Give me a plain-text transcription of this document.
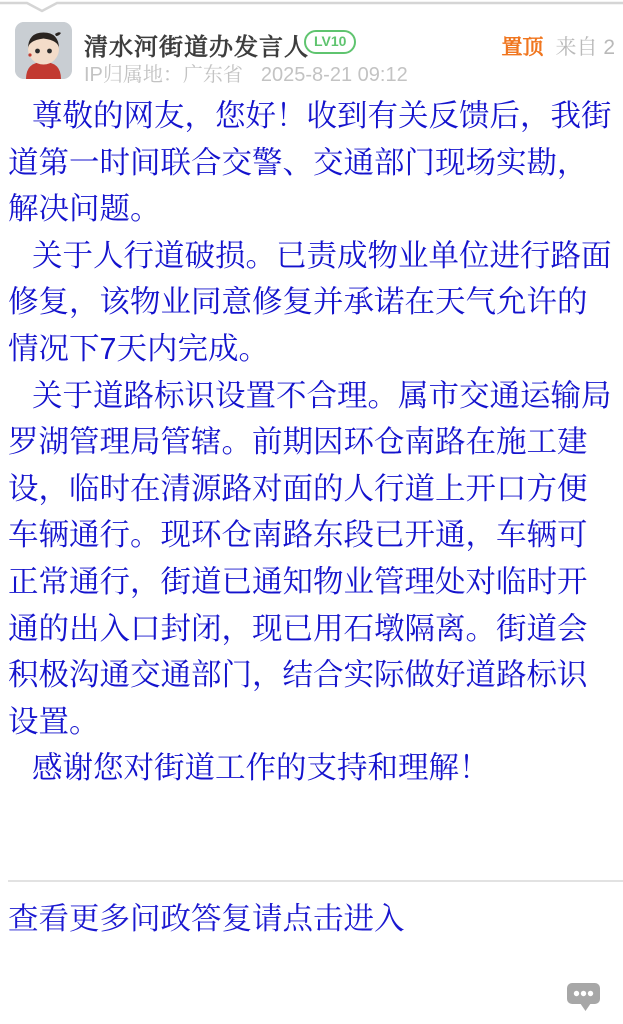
清水河街道办发言人 LV10	置顶 来自 2
IP归属地：广东省 2025-8-21 09:12

尊敬的网友，您好！收到有关反馈后，我街道第一时间联合交警、交通部门现场实勘，解决问题。

关于人行道破损。已责成物业单位进行路面修复，该物业同意修复并承诺在天气允许的情况下7天内完成。

关于道路标识设置不合理。属市交通运输局罗湖管理局管辖。前期因环仓南路在施工建设，临时在清源路对面的人行道上开口方便车辆通行。现环仓南路东段已开通，车辆可正常通行，街道已通知物业管理处对临时开通的出入口封闭，现已用石墩隔离。街道会积极沟通交通部门，结合实际做好道路标识设置。

感谢您对街道工作的支持和理解！

查看更多问政答复请点击进入
